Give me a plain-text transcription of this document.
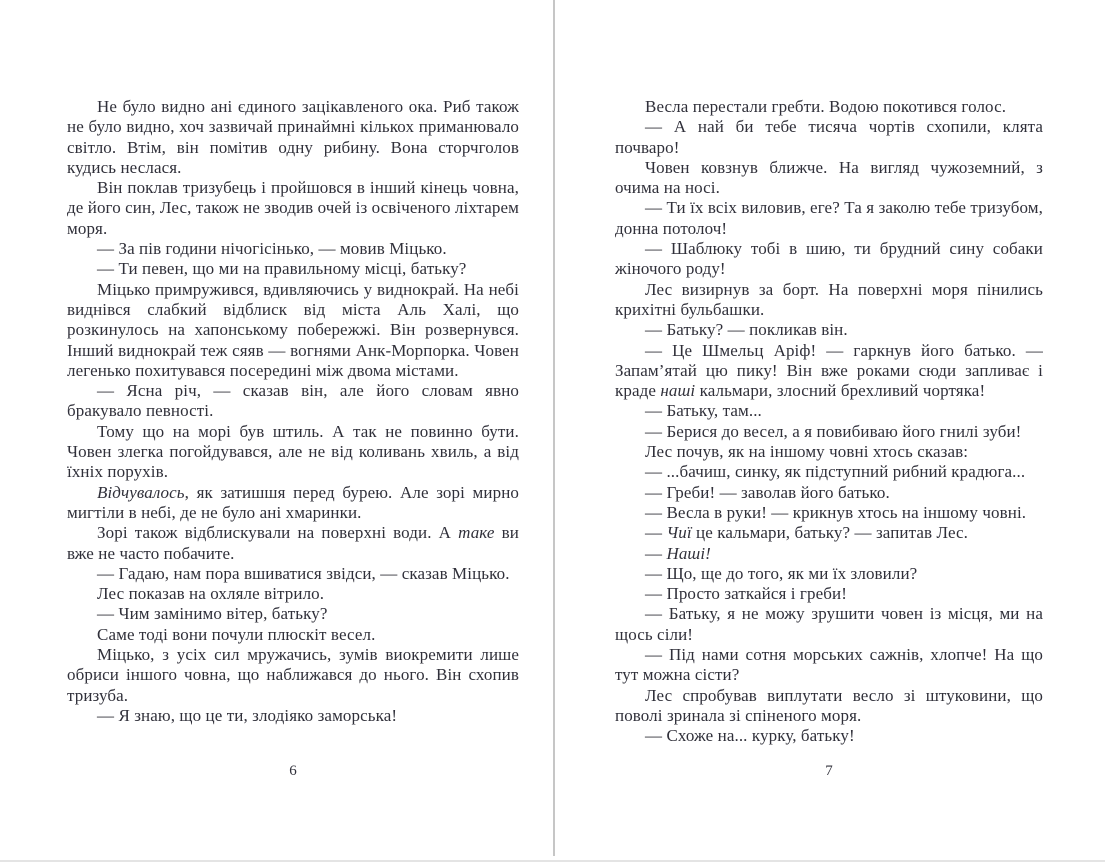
Не було видно ані єдиного зацікавленого ока. Риб також не було видно, хоч зазвичай принаймні кількох приманювало світло. Втім, він помітив одну рибину. Вона сторчголов кудись неслася.

Він поклав тризубець і пройшовся в інший кінець човна, де його син, Лес, також не зводив очей із освіченого ліхтарем моря.

— За пів години нічогісінько, — мовив Міцько.

— Ти певен, що ми на правильному місці, батьку?

Міцько примружився, вдивляючись у виднокрай. На небі виднівся слабкий відблиск від міста Аль Халі, що розкинулось на хапонському побережжі. Він розвернувся. Інший виднокрай теж сяяв — вогнями Анк-Морпорка. Човен легенько похитувався посередині між двома містами.

— Ясна річ, — сказав він, але його словам явно бракувало певності.

Тому що на морі був штиль. А так не повинно бути. Човен злегка погойдувався, але не від коливань хвиль, а від їхніх порухів.

Відчувалось, як затишшя перед бурею. Але зорі мирно мигтіли в небі, де не було ані хмаринки.

Зорі також відблискували на поверхні води. А таке ви вже не часто побачите.

— Гадаю, нам пора вшиватися звідси, — сказав Міцько.

Лес показав на охляле вітрило.

— Чим замінимо вітер, батьку?

Саме тоді вони почули плюскіт весел.

Міцько, з усіх сил мружачись, зумів виокремити лише обриси іншого човна, що наближався до нього. Він схопив тризуба.

— Я знаю, що це ти, злодіяко заморська!

Весла перестали гребти. Водою покотився голос.

— А най би тебе тисяча чортів схопили, клята почваро!

Човен ковзнув ближче. На вигляд чужоземний, з очима на носі.

— Ти їх всіх виловив, еге? Та я заколю тебе тризубом, донна потолоч!

— Шаблюку тобі в шию, ти брудний сину собаки жіночого роду!

Лес визирнув за борт. На поверхні моря пінились крихітні бульбашки.

— Батьку? — покликав він.

— Це Шмельц Аріф! — гаркнув його батько. — Запам’ятай цю пику! Він вже роками сюди запливає і краде наші кальмари, злосний брехливий чортяка!

— Батьку, там...

— Берися до весел, а я повибиваю його гнилі зуби!

Лес почув, як на іншому човні хтось сказав:

— ...бачиш, синку, як підступний рибний крадюга...

— Греби! — заволав його батько.

— Весла в руки! — крикнув хтось на іншому човні.

— Чиї це кальмари, батьку? — запитав Лес.

— Наші!

— Що, ще до того, як ми їх зловили?

— Просто заткайся і греби!

— Батьку, я не можу зрушити човен із місця, ми на щось сіли!

— Під нами сотня морських сажнів, хлопче! На що тут можна сісти?

Лес спробував виплутати весло зі штуковини, що поволі зринала зі спіненого моря.

— Схоже на... курку, батьку!

6	7
